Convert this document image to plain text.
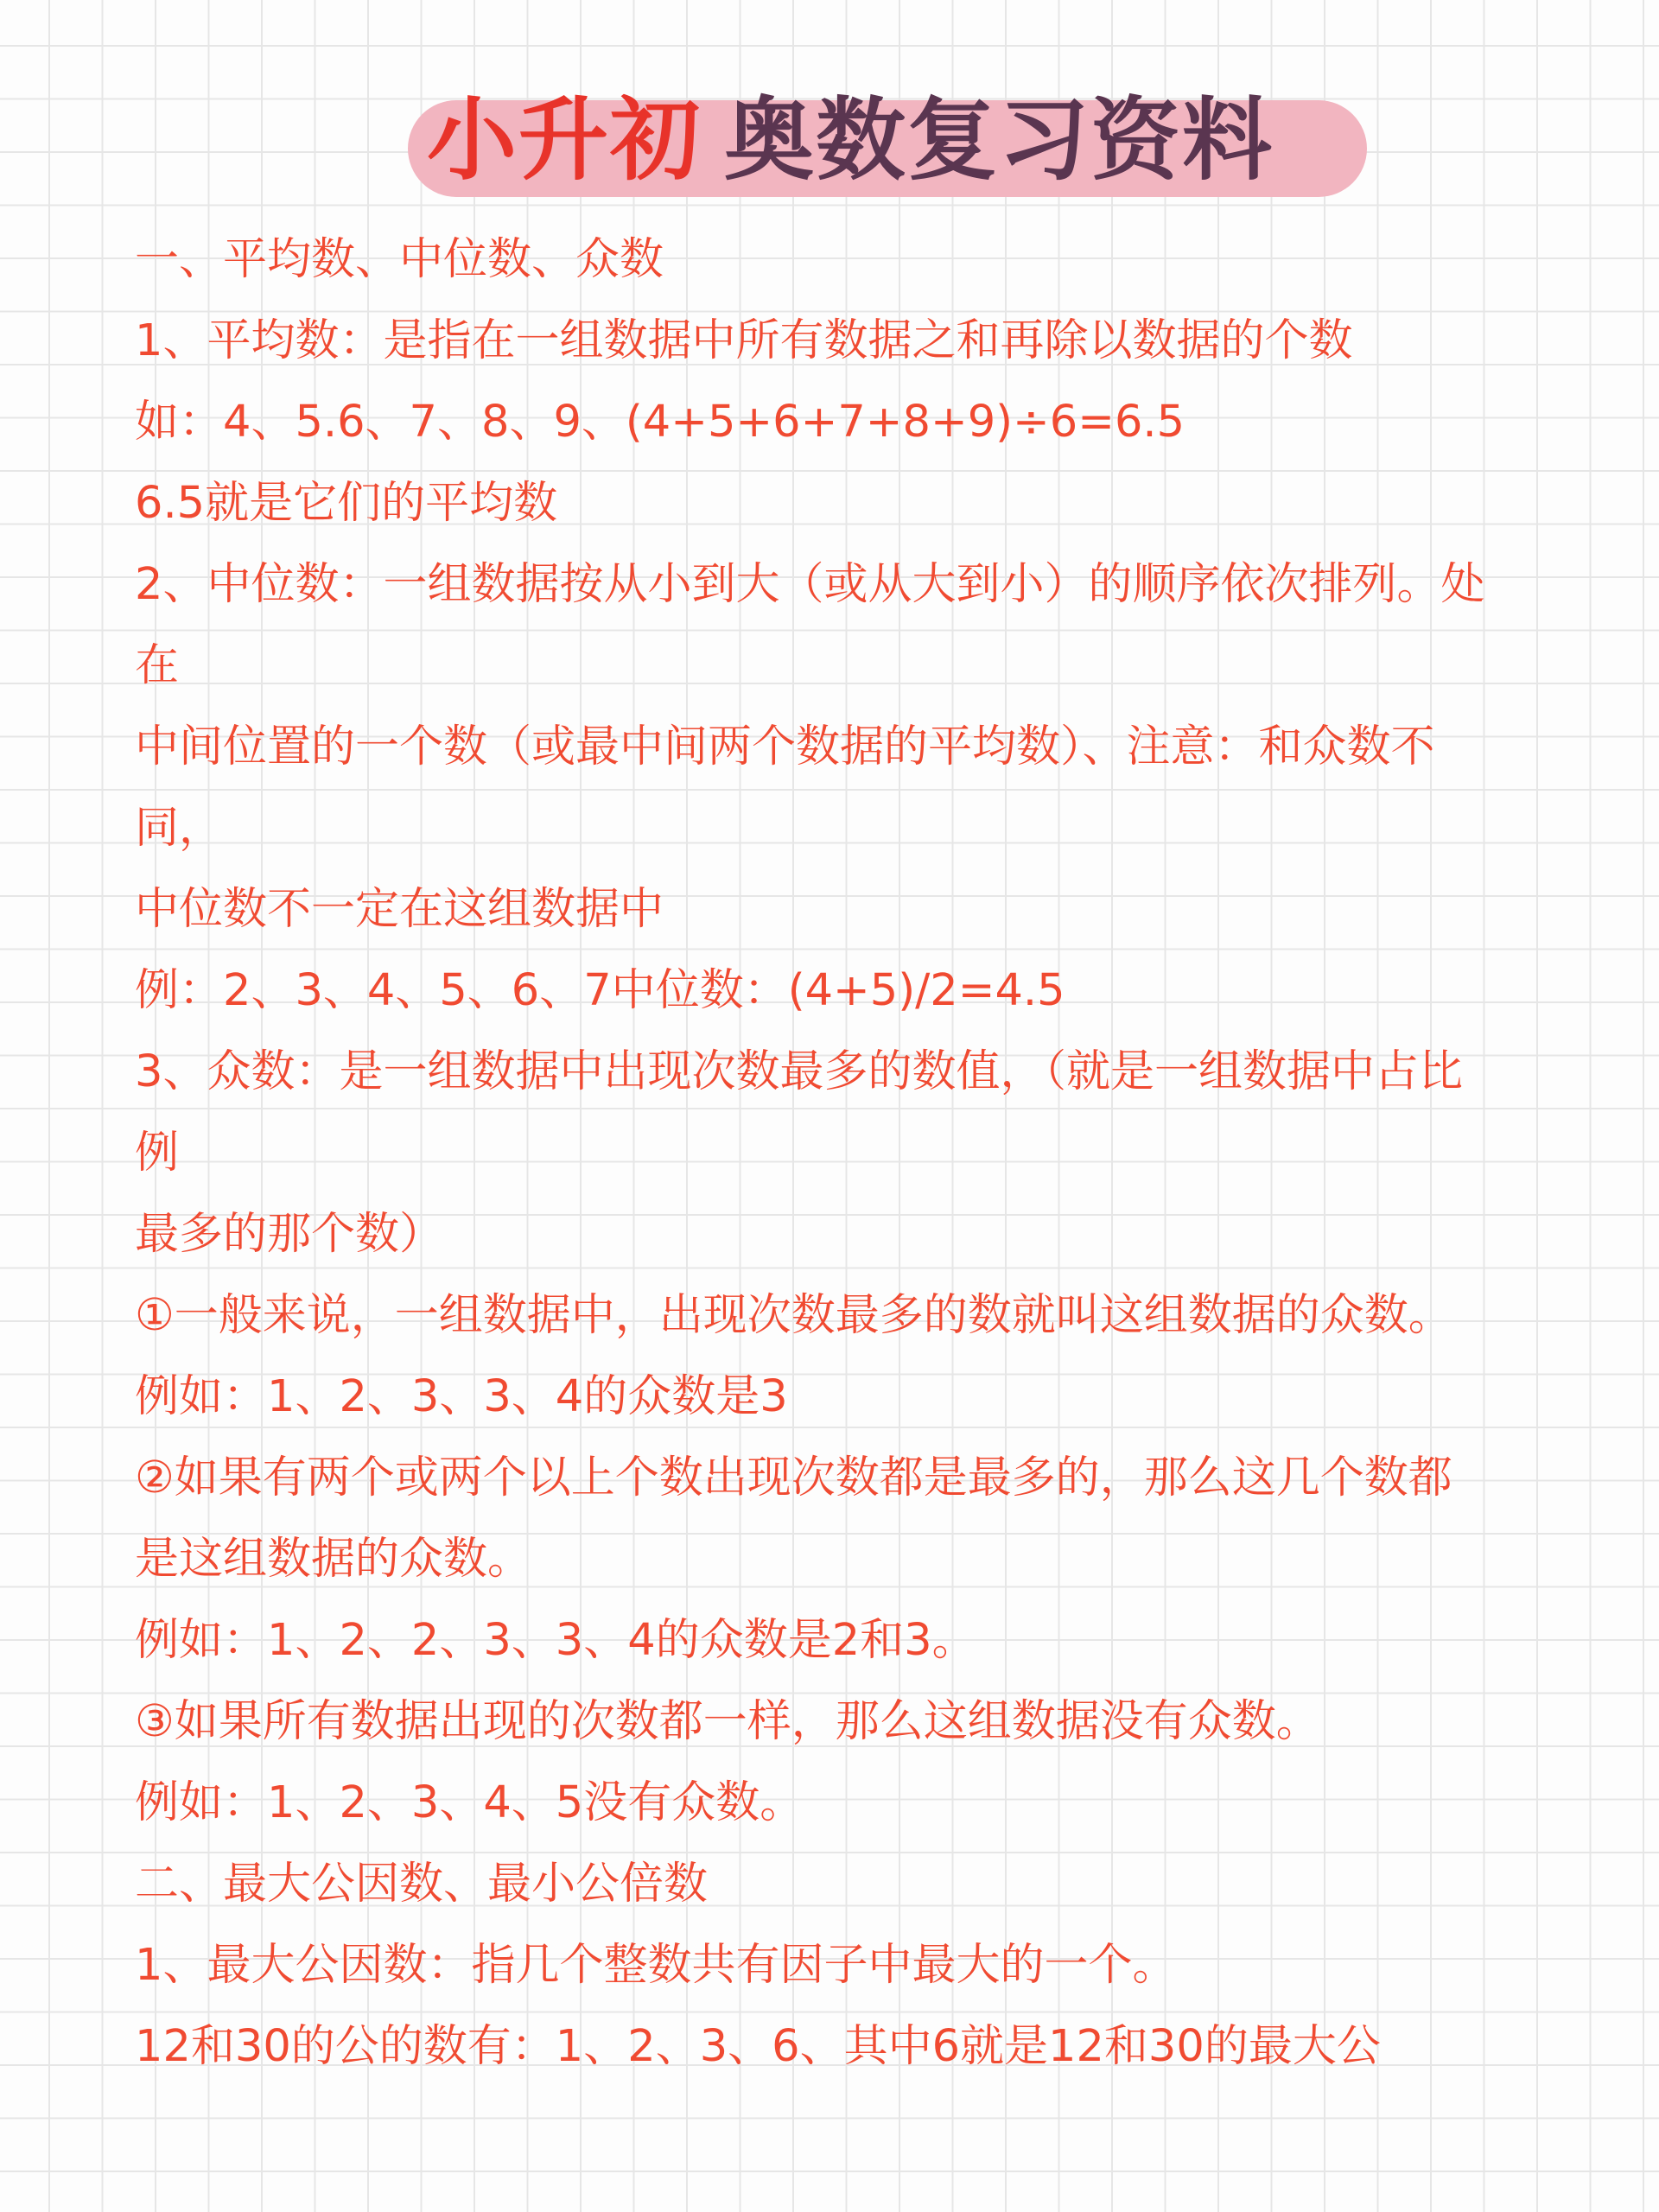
小升初 奥数复习资料
一、平均数、中位数、众数
1、平均数：是指在一组数据中所有数据之和再除以数据的个数
如：4、5.6、7、8、9、(4+5+6+7+8+9)÷6=6.5
6.5就是它们的平均数
2、中位数：一组数据按从小到大（或从大到小）的顺序依次排列。处
在
中间位置的一个数（或最中间两个数据的平均数）、注意：和众数不
同，
中位数不一定在这组数据中
例：2、3、4、5、6、7中位数：(4+5)/2=4.5
3、众数：是一组数据中出现次数最多的数值，（就是一组数据中占比
例
最多的那个数）
①一般来说，一组数据中，出现次数最多的数就叫这组数据的众数。
例如：1、2、3、3、4的众数是3
②如果有两个或两个以上个数出现次数都是最多的，那么这几个数都
是这组数据的众数。
例如：1、2、2、3、3、4的众数是2和3。
③如果所有数据出现的次数都一样，那么这组数据没有众数。
例如：1、2、3、4、5没有众数。
二、最大公因数、最小公倍数
1、最大公因数：指几个整数共有因子中最大的一个。
12和30的公的数有：1、2、3、6、其中6就是12和30的最大公
